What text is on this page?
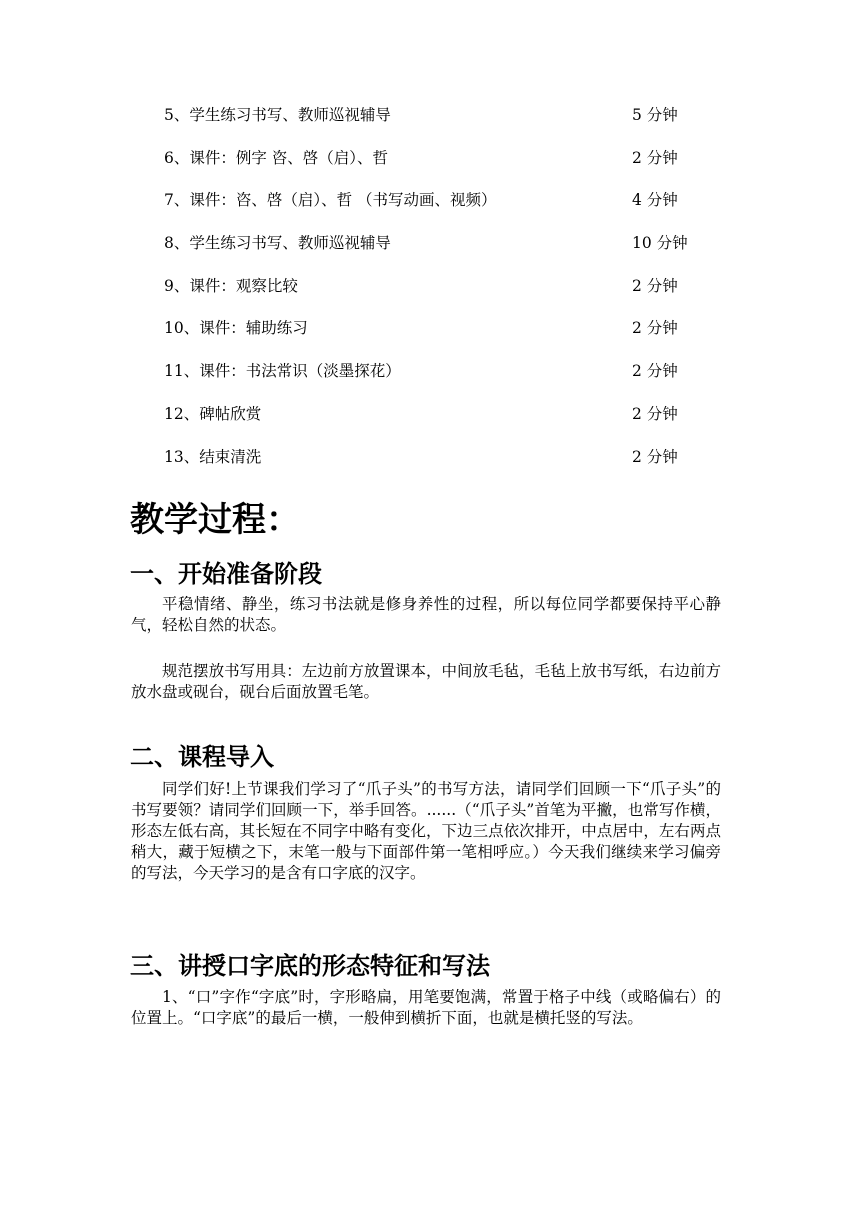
5、学生练习书写、教师巡视辅导	5 分钟
6、课件：例字 咨、啓（启）、哲	2 分钟
7、课件：咨、啓（启）、哲 （书写动画、视频）	4 分钟
8、学生练习书写、教师巡视辅导	10 分钟
9、课件：观察比较	2 分钟
10、课件：辅助练习	2 分钟
11、课件：书法常识（淡墨探花）	2 分钟
12、碑帖欣赏	2 分钟
13、结束清洗	2 分钟
教学过程：
一、开始准备阶段

平稳情绪、静坐，练习书法就是修身养性的过程，所以每位同学都要保持平心静气，轻松自然的状态。

规范摆放书写用具：左边前方放置课本，中间放毛毡，毛毡上放书写纸，右边前方放水盘或砚台，砚台后面放置毛笔。

二、课程导入

同学们好!上节课我们学习了“爪子头”的书写方法，请同学们回顾一下“爪子头”的书写要领？请同学们回顾一下，举手回答。......（“爪子头”首笔为平撇，也常写作横，形态左低右高，其长短在不同字中略有变化，下边三点依次排开，中点居中，左右两点稍大，藏于短横之下，末笔一般与下面部件第一笔相呼应。）今天我们继续来学习偏旁的写法，今天学习的是含有口字底的汉字。

三、讲授口字底的形态特征和写法

1、“口”字作“字底”时，字形略扁，用笔要饱满，常置于格子中线（或略偏右）的位置上。“口字底”的最后一横，一般伸到横折下面，也就是横托竖的写法。
